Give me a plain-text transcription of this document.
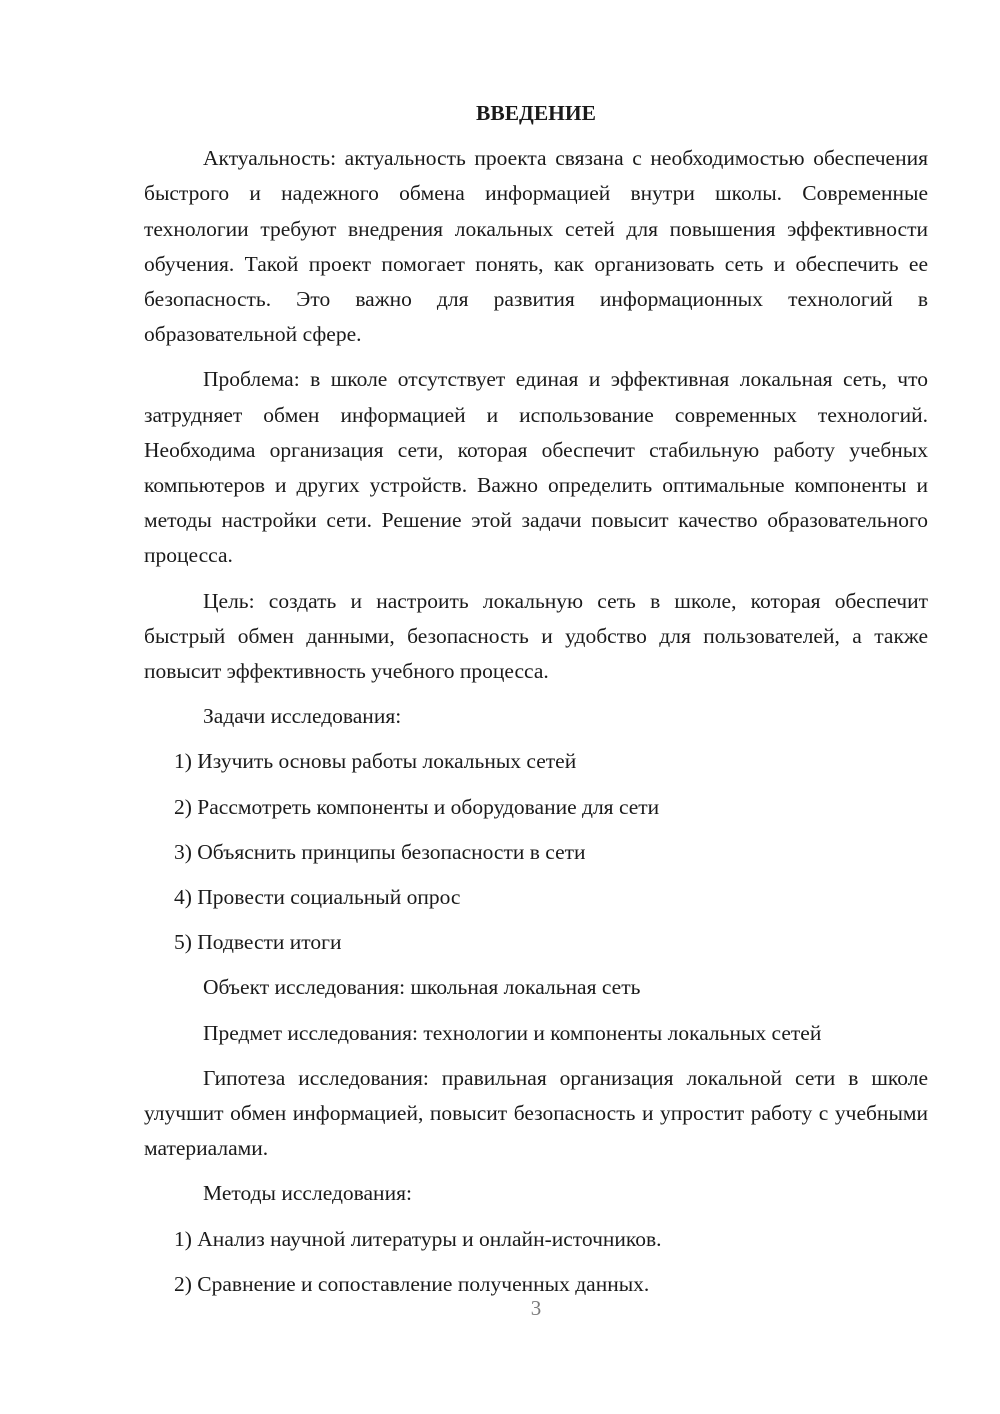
ВВЕДЕНИЕ

Актуальность: актуальность проекта связана с необходимостью обеспечения быстрого и надежного обмена информацией внутри школы. Современные технологии требуют внедрения локальных сетей для повышения эффективности обучения. Такой проект помогает понять, как организовать сеть и обеспечить ее безопасность. Это важно для развития информационных технологий в образовательной сфере.

Проблема: в школе отсутствует единая и эффективная локальная сеть, что затрудняет обмен информацией и использование современных технологий. Необходима организация сети, которая обеспечит стабильную работу учебных компьютеров и других устройств. Важно определить оптимальные компоненты и методы настройки сети. Решение этой задачи повысит качество образовательного процесса.

Цель: создать и настроить локальную сеть в школе, которая обеспечит быстрый обмен данными, безопасность и удобство для пользователей, а также повысит эффективность учебного процесса.

Задачи исследования:
1) Изучить основы работы локальных сетей
2) Рассмотреть компоненты и оборудование для сети
3) Объяснить принципы безопасности в сети
4) Провести социальный опрос
5) Подвести итоги
Объект исследования: школьная локальная сеть
Предмет исследования: технологии и компоненты локальных сетей

Гипотеза исследования: правильная организация локальной сети в школе улучшит обмен информацией, повысит безопасность и упростит работу с учебными материалами.

Методы исследования:
1) Анализ научной литературы и онлайн-источников.
2) Сравнение и сопоставление полученных данных.
3
